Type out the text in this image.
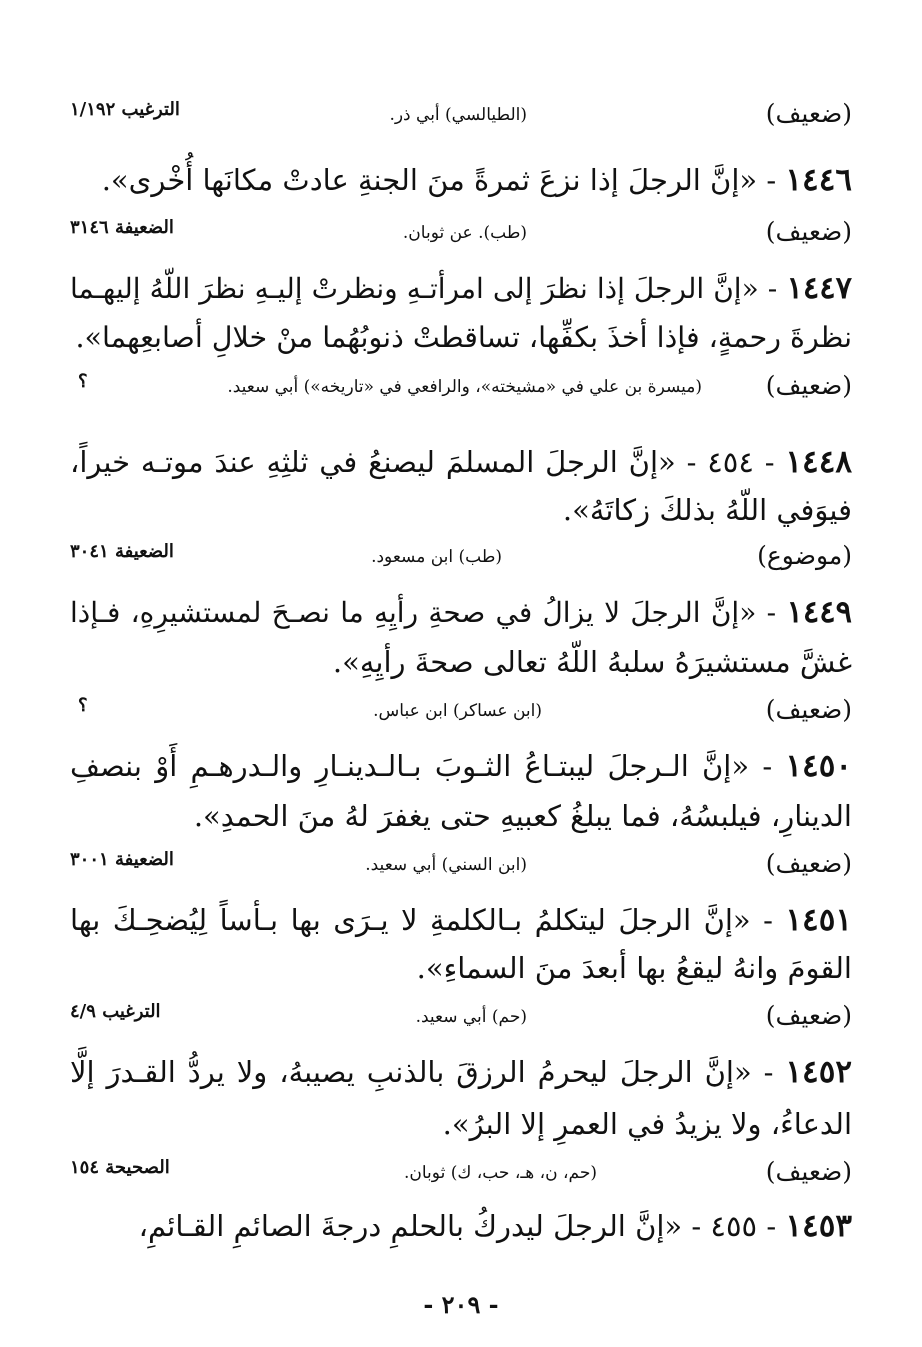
(ضعيف)
(الطيالسي) أبي ذر.
الترغيب ١/١٩٢
١٤٤٦ - «إنَّ الرجلَ إذا نزعَ ثمرةً منَ الجنةِ عادتْ مكانَها أُخْرى».
(ضعيف)
(طب). عن ثوبان.
الضعيفة ٣١٤٦
١٤٤٧ - «إنَّ الرجلَ إذا نظرَ إلى امرأتـهِ ونظرتْ إليـهِ نظرَ اللّهُ إليهـما
نظرةَ رحمةٍ، فإذا أخذَ بكفِّها، تساقطتْ ذنوبُهُما منْ خلالِ أصابعِهما».
(ضعيف)
(ميسرة بن علي في «مشيخته»، والرافعي في «تاريخه») أبي سعيد.
؟
١٤٤٨ - ٤٥٤ - «إنَّ الرجلَ المسلمَ ليصنعُ في ثلثِهِ عندَ موتـه خيراً،
فيوَفي اللّهُ بذلكَ زكاتَهُ».
(موضوع)
(طب) ابن مسعود.
الضعيفة ٣٠٤١
١٤٤٩ - «إنَّ الرجلَ لا يزالُ في صحةِ رأيِهِ ما نصـحَ لمستشيرِهِ، فـإذا
غشَّ مستشيرَهُ سلبهُ اللّهُ تعالى صحةَ رأيِهِ».
(ضعيف)
(ابن عساكر) ابن عباس.
؟
١٤٥٠ - «إنَّ الـرجلَ ليبتـاعُ الثـوبَ بـالـدينـارِ والـدرهـمِ أَوْ بنصفِ
الدينارِ، فيلبسُهُ، فما يبلغُ كعبيهِ حتى يغفرَ لهُ منَ الحمدِ».
(ضعيف)
(ابن السني) أبي سعيد.
الضعيفة ٣٠٠١
١٤٥١ - «إنَّ الرجلَ ليتكلمُ بـالكلمةِ لا يـرَى بها بـأساً لِيُضحِـكَ بها
القومَ وانهُ ليقعُ بها أبعدَ منَ السماءِ».
(ضعيف)
(حم) أبي سعيد.
الترغيب ٤/٩
١٤٥٢ - «إنَّ الرجلَ ليحرمُ الرزقَ بالذنبِ يصيبهُ، ولا يردُّ القـدرَ إلَّا
الدعاءُ، ولا يزيدُ في العمرِ إلا البرُ».
(ضعيف)
(حم، ن، هـ، حب، ك) ثوبان.
الصحيحة ١٥٤
١٤٥٣ - ٤٥٥ - «إنَّ الرجلَ ليدركُ بالحلمِ درجةَ الصائمِ القـائمِ،
- ٢٠٩ -
